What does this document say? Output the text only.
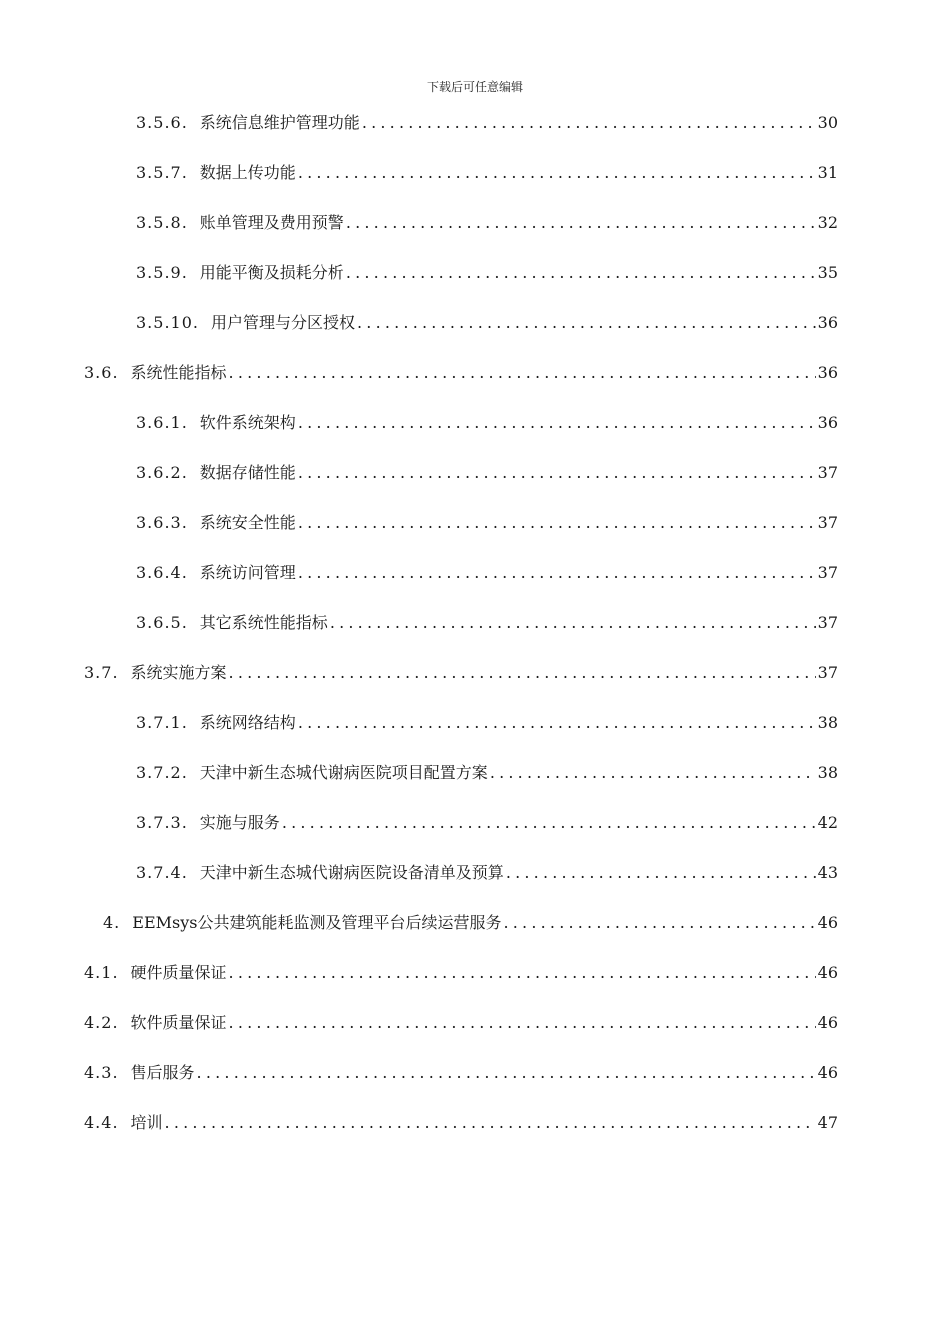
下载后可任意编辑
3.5.6. 系统信息维护管理功能 .....	30
3.5.7. 数据上传功能 .....	31
3.5.8. 账单管理及费用预警 .....	32
3.5.9. 用能平衡及损耗分析 .....	35
3.5.10. 用户管理与分区授权 .....	36
3.6. 系统性能指标 .....	36
3.6.1. 软件系统架构 .....	36
3.6.2. 数据存储性能 .....	37
3.6.3. 系统安全性能 .....	37
3.6.4. 系统访问管理 .....	37
3.6.5. 其它系统性能指标 .....	37
3.7. 系统实施方案 .....	37
3.7.1. 系统网络结构 .....	38
3.7.2. 天津中新生态城代谢病医院项目配置方案 .....	38
3.7.3. 实施与服务 .....	42
3.7.4. 天津中新生态城代谢病医院设备清单及预算 .....	43
4. EEMsys公共建筑能耗监测及管理平台后续运营服务 .....	46
4.1. 硬件质量保证 .....	46
4.2. 软件质量保证 .....	46
4.3. 售后服务 .....	46
4.4. 培训 .....	47
